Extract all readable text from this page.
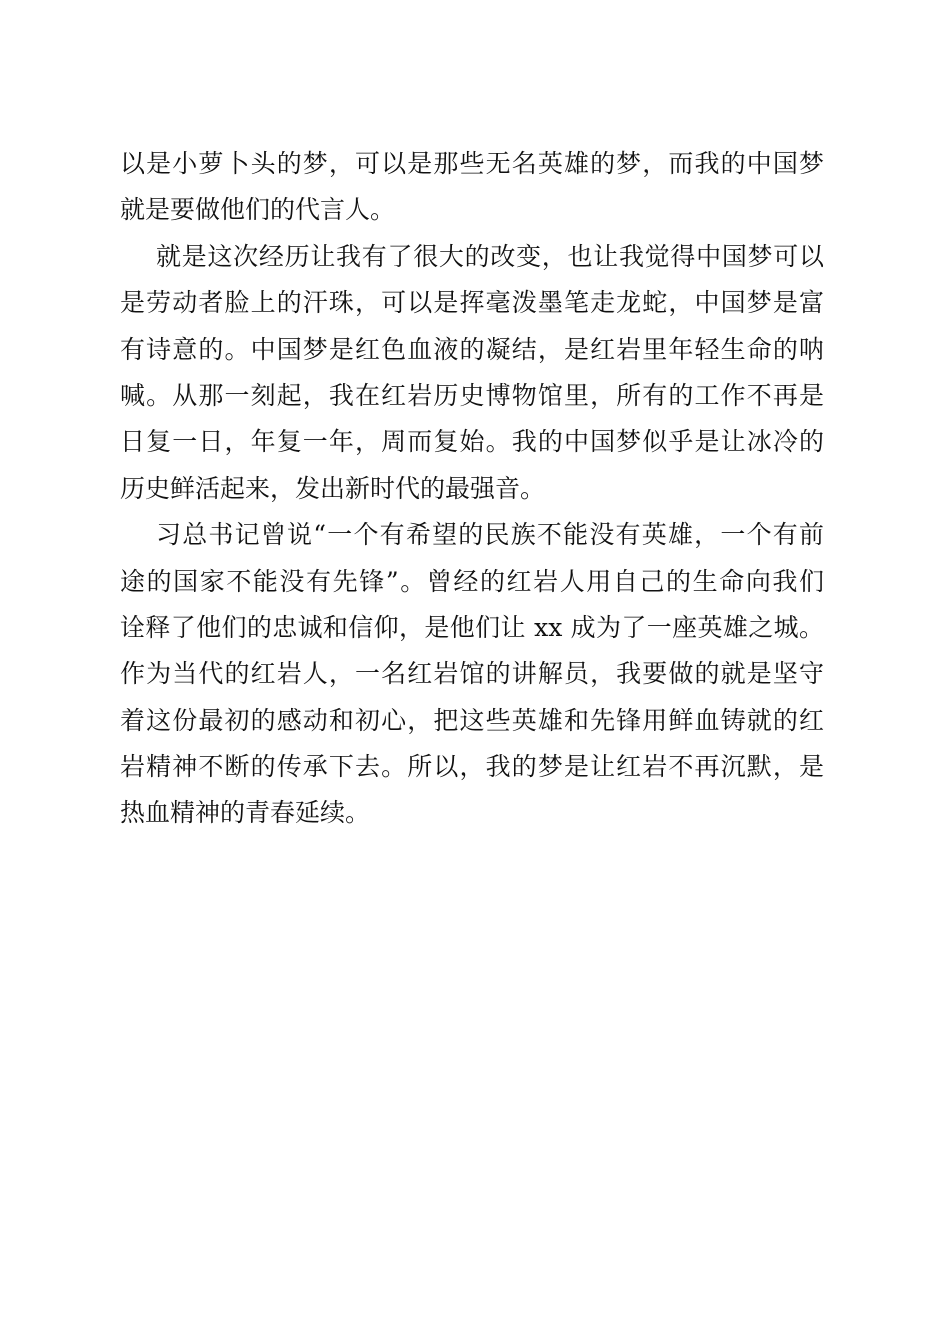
以是小萝卜头的梦，可以是那些无名英雄的梦，而我的中国梦
就是要做他们的代言人。
就是这次经历让我有了很大的改变，也让我觉得中国梦可以
是劳动者脸上的汗珠，可以是挥毫泼墨笔走龙蛇，中国梦是富
有诗意的。中国梦是红色血液的凝结，是红岩里年轻生命的呐
喊。从那一刻起，我在红岩历史博物馆里，所有的工作不再是
日复一日，年复一年，周而复始。我的中国梦似乎是让冰冷的
历史鲜活起来，发出新时代的最强音。
习总书记曾说“一个有希望的民族不能没有英雄，一个有前
途的国家不能没有先锋”。曾经的红岩人用自己的生命向我们
诠释了他们的忠诚和信仰，是他们让 xx 成为了一座英雄之城。
作为当代的红岩人，一名红岩馆的讲解员，我要做的就是坚守
着这份最初的感动和初心，把这些英雄和先锋用鲜血铸就的红
岩精神不断的传承下去。所以，我的梦是让红岩不再沉默，是
热血精神的青春延续。
